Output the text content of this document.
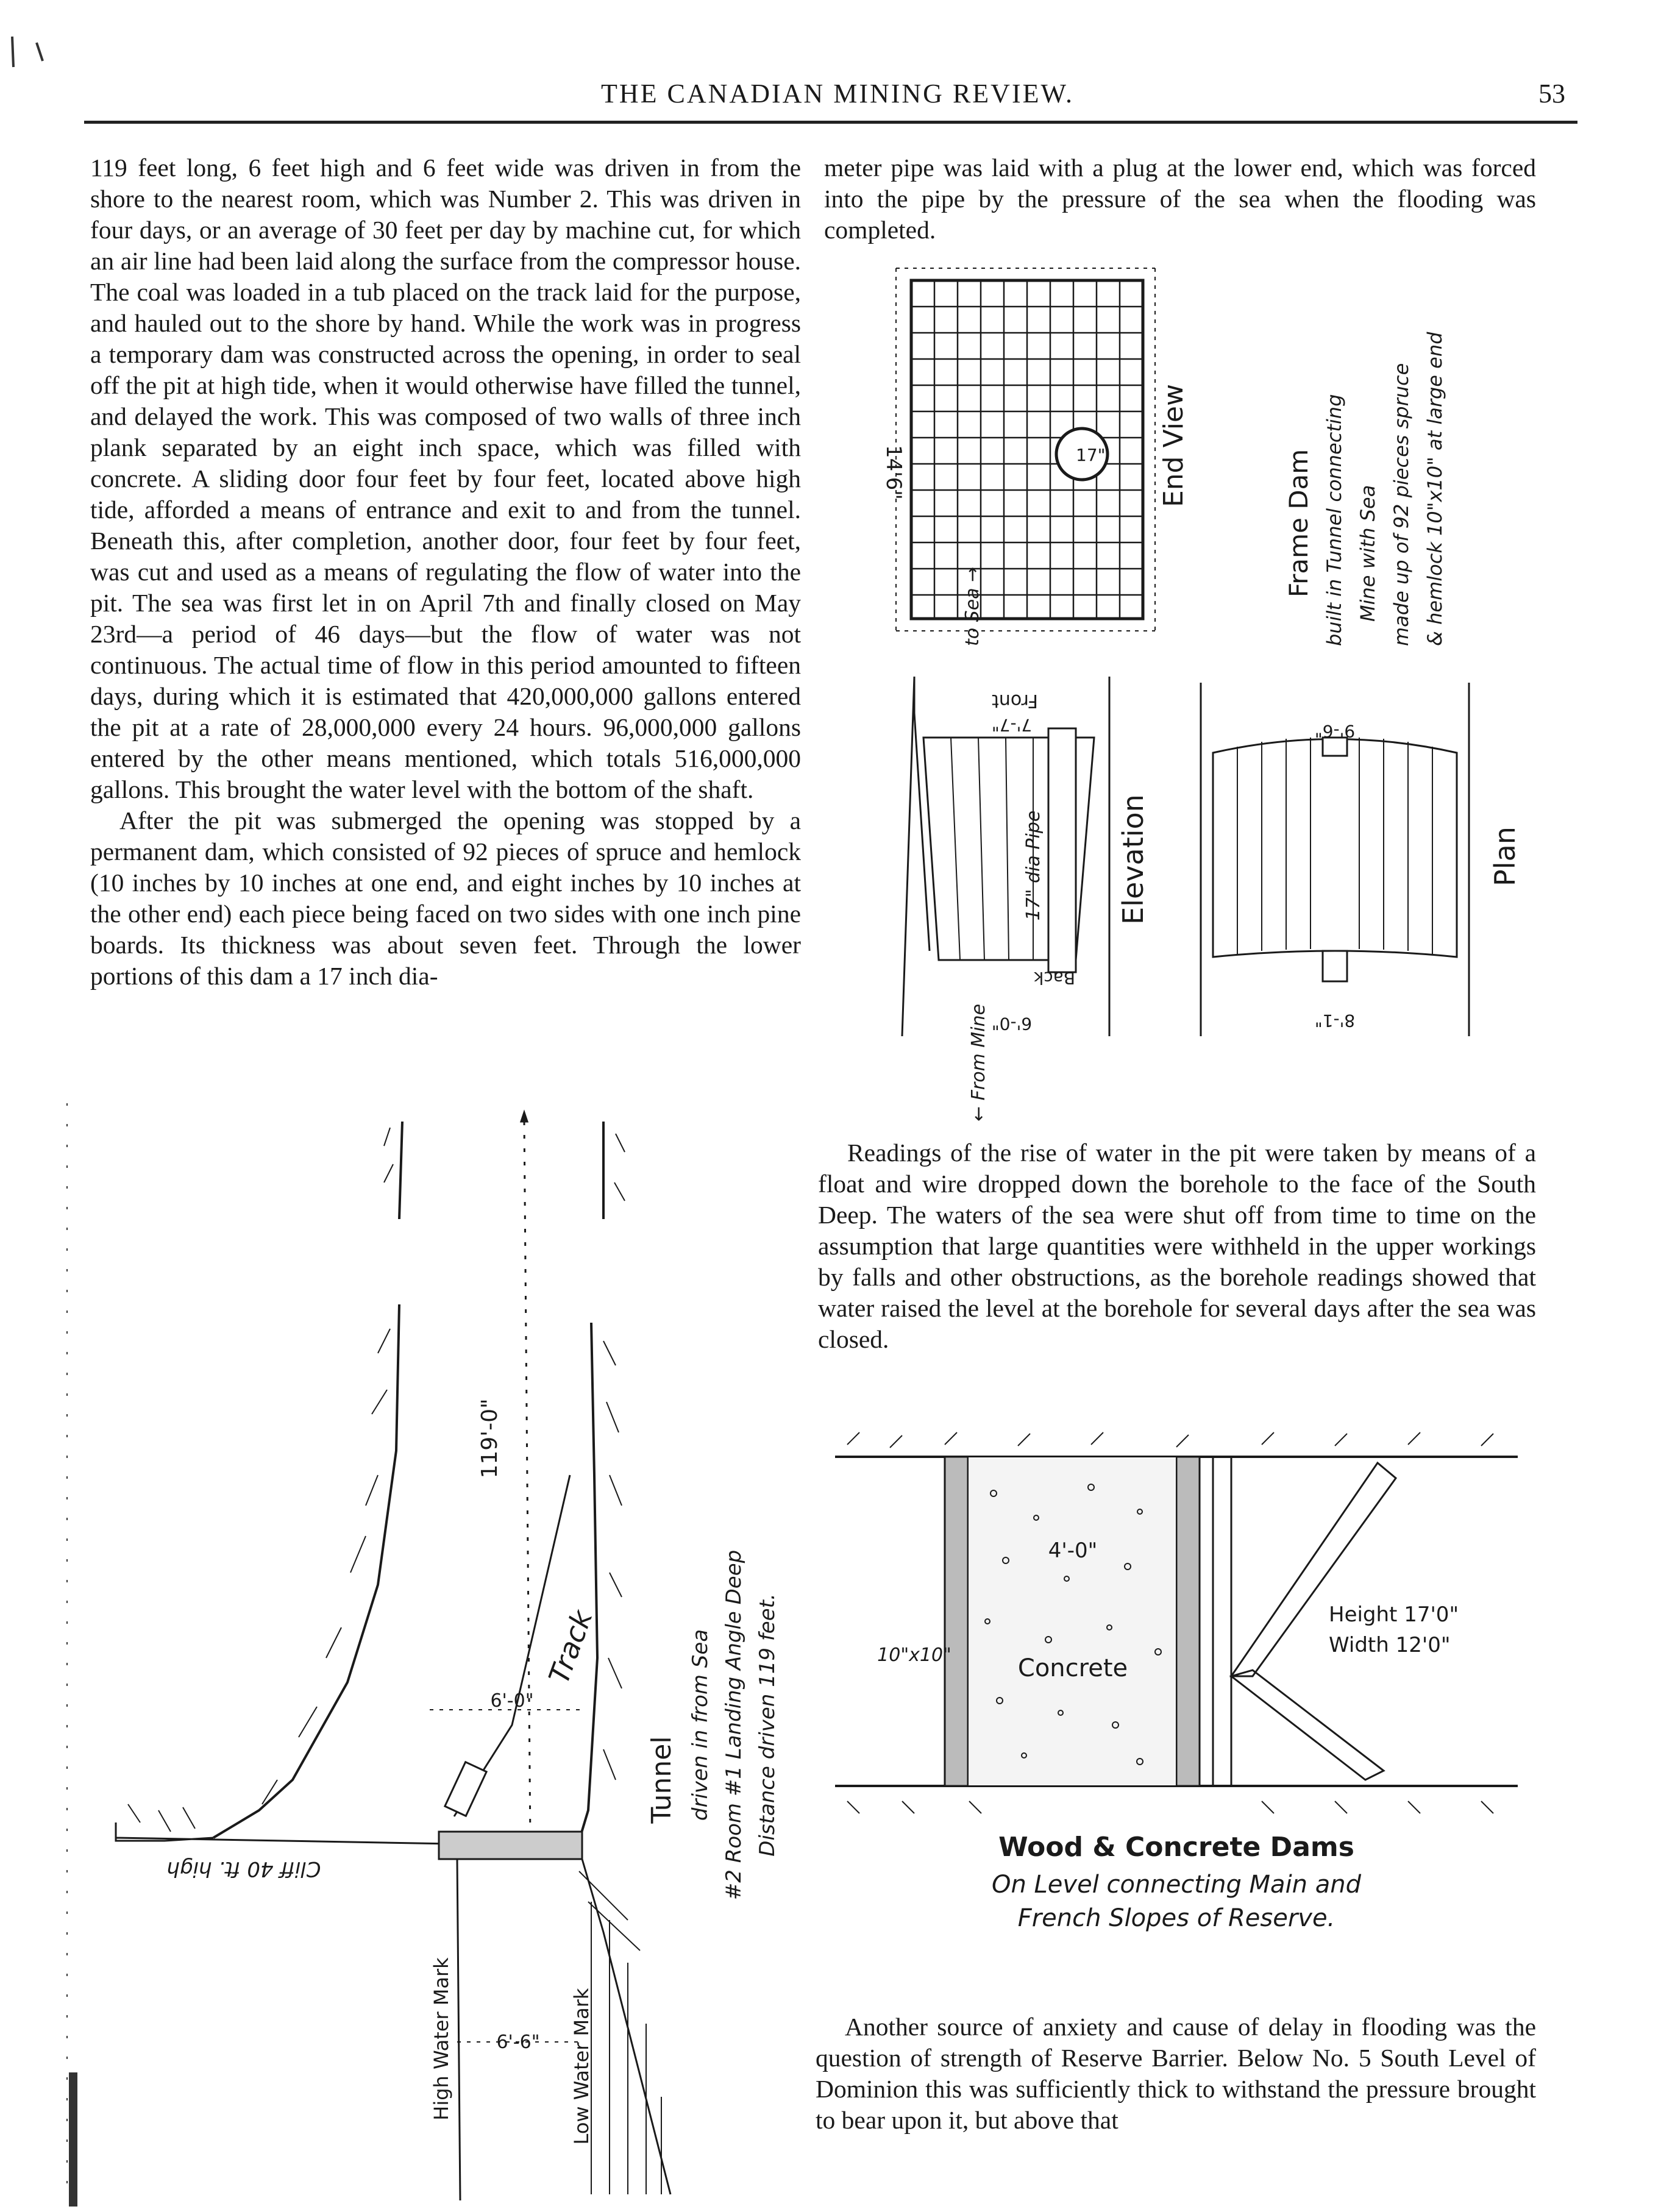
THE CANADIAN MINING REVIEW.	53

119 feet long, 6 feet high and 6 feet wide was driven in from the shore to the nearest room, which was Number 2. This was driven in four days, or an average of 30 feet per day by machine cut, for which an air line had been laid along the surface from the compressor house. The coal was loaded in a tub placed on the track laid for the purpose, and hauled out to the shore by hand. While the work was in progress a temporary dam was constructed across the opening, in order to seal off the pit at high tide, when it would otherwise have filled the tunnel, and delayed the work. This was composed of two walls of three inch plank separated by an eight inch space, which was filled with concrete. A sliding door four feet by four feet, located above high tide, afforded a means of entrance and exit to and from the tunnel. Beneath this, after completion, another door, four feet by four feet, was cut and used as a means of regulating the flow of water into the pit. The sea was first let in on April 7th and finally closed on May 23rd—a period of 46 days—but the flow of water was not continuous. The actual time of flow in this period amounted to fifteen days, during which it is estimated that 420,000,000 gallons entered the pit at a rate of 28,000,000 every 24 hours. 96,000,000 gallons entered by the other means mentioned, which totals 516,000,000 gallons. This brought the water level with the bottom of the shaft.

After the pit was submerged the opening was stopped by a permanent dam, which consisted of 92 pieces of spruce and hemlock (10 inches by 10 inches at one end, and eight inches by 10 inches at the other end) each piece being faced on two sides with one inch pine boards. Its thickness was about seven feet. Through the lower portions of this dam a 17 inch dia-

meter pipe was laid with a plug at the lower end, which was forced into the pipe by the pressure of the sea when the flooding was completed.

Readings of the rise of water in the pit were taken by means of a float and wire dropped down the borehole to the face of the South Deep. The waters of the sea were shut off from time to time on the assumption that large quantities were withheld in the upper workings by falls and other obstructions, as the borehole readings showed that water raised the level at the borehole for several days after the sea was closed.

Another source of anxiety and cause of delay in flooding was the question of strength of Reserve Barrier. Below No. 5 South Level of Dominion this was sufficiently thick to withstand the pressure brought to bear upon it, but above that

14'6"	17" End View
Frame Dam built in Tunnel connecting Mine with Sea made up of 92 pieces spruce & hemlock 10"x10" at large end
to Sea →
Front
7'-7"
Back
6'-0"
17" dia Pipe	Elevation	Plan
9'-6"
8'-1"
← From Mine
Track
119'-0"
6'-0"
6'-6"
Cliff 40 ft. high
High Water Mark	Low Water Mark
Tunnel driven in from Sea #2 Room #1 Landing Angle Deep Distance driven 119 feet.
4'-0"
10"x10"	Concrete
Height 17'0"
Width 12'0"
Wood & Concrete Dams
On Level connecting Main and
French Slopes of Reserve.
